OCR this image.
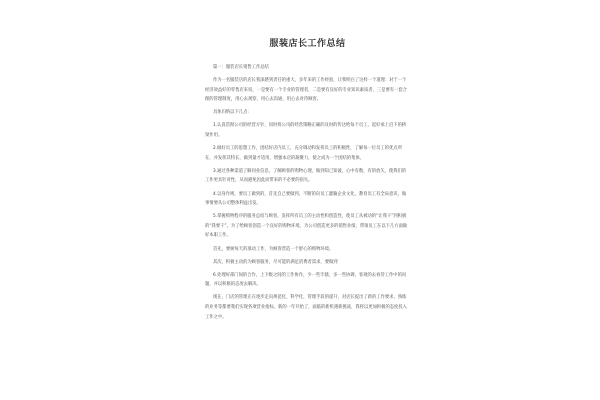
服装店长工作总结

篇一：服装店长销售工作总结

作为一名服装店的店长我深感到责任的重大，多年来的工作经验，让我明白了这样一个道理：对于一个经济效益好的零售店来说，一是要有一个专业的管理者，二是要有良好的专业知识素质者，三是要有一套合理的管理制度，用心去观察，用心去沟通，用心去对待顾客。

具体归纳以下几点：

1.认真贯彻公司的经营方针，同时将公司的经营策略正确的及时的传达给每个员工，起好承上启下的桥梁作用。

2.做好员工的思想工作，团结好店内员工，充分调动和发挥员工的积极性，了解每一位员工的优点所在，并发挥其特长，做到量才适用，增强本店的凝聚力，使之成为一个团结的集体。

3.通过各种渠道了解同业信息，了解顾客的购物心理，做到知己知彼，心中有数，有的放矢，使我们的工作更具针对性，从而避免因此而带来的不必要的损失。

4.以身作则，要员工做到的，首先自己要做到，不断的向员工灌输企业文化，教育员工有全局意识，做事情要从公司整体利益出发。

5.掌握购物程序的服务总结与顾客，发挥所有员工的主动性和创造性，使员工从被动的“让我干”到积极的“我要干”。为了给顾客创造一个良好的购物环境，为公司创造更多的销售业绩，带领员工在以下几方面做好本职工作。

首先，要树每天的准动工作，为顾客营造一个舒心的购物环境。

其次，积极主动的为顾客服务，尽可能的满足消费者需求，要做到

6.处理好部门间的合作，上下级之间的工作协作，少一些牢骚，多一些协调，客观的去看待工作中的问题，并以积极的态度去解决。

现在，门店的管理正在逐步走向规范化、科学化，管理手段的提升，对店长提出了新的工作要求，熟练的业务等都要我们实现各项营业指标，新的一年开始了，面临的新机遇新挑战，我将以更加积极的态度投入工作之中。
